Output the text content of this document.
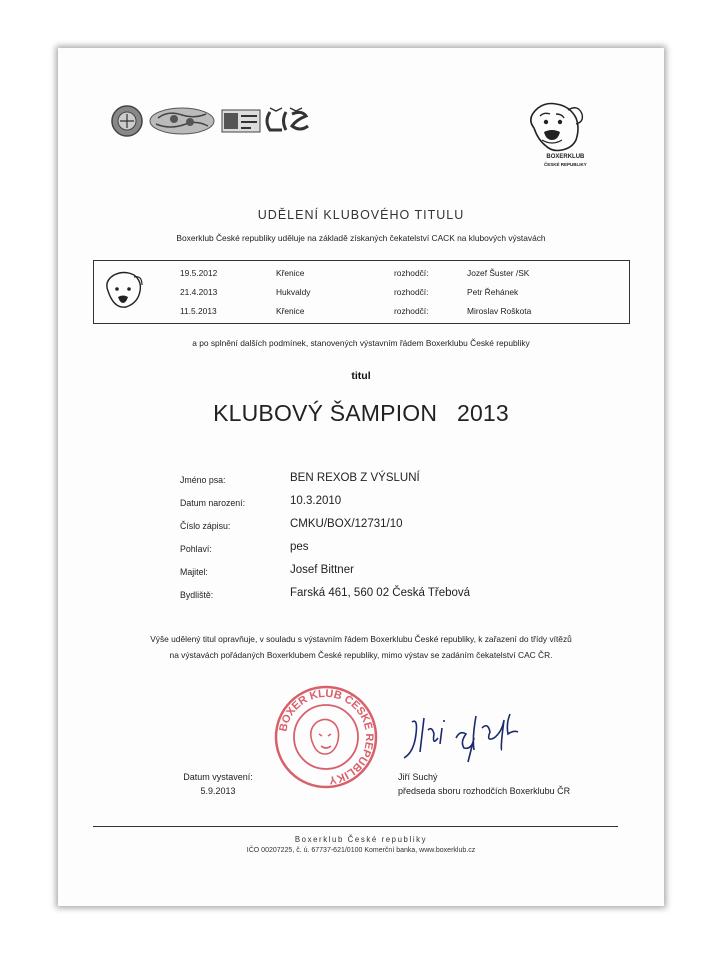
BOXERKLUB
ČESKÉ REPUBLIKY
UDĚLENÍ KLUBOVÉHO TITULU
Boxerklub České republiky uděluje na základě získaných čekatelství CACK na klubových výstavách
19.5.2012	Křenice	rozhodčí:	Jozef Šuster /SK
21.4.2013	Hukvaldy	rozhodčí:	Petr Řehánek
11.5.2013	Křenice	rozhodčí:	Miroslav Roškota
a po splnění dalších podmínek, stanovených výstavním řádem Boxerklubu České republiky
titul
KLUBOVÝ ŠAMPION   2013
Jméno psa:	BEN REXOB Z VÝSLUNÍ
Datum narození:	10.3.2010
Číslo zápisu:	CMKU/BOX/12731/10
Pohlaví:	pes
Majitel:	Josef Bittner
Bydliště:	Farská 461, 560 02 Česká Třebová
Výše udělený titul opravňuje, v souladu s výstavním řádem Boxerklubu České republiky, k zařazení do třídy vítězů
na výstavách pořádaných Boxerklubem České republiky, mimo výstav se zadáním čekatelství CAC ČR.
BOXER KLUB ČESKÉ REPUBLIKY
Datum vystavení:
5.9.2013
Jiří Suchý
předseda sboru rozhodčích Boxerklubu ČR
Boxerklub České republiky
IČO 00207225, č. ú. 67737-621/0100 Komerční banka, www.boxerklub.cz
